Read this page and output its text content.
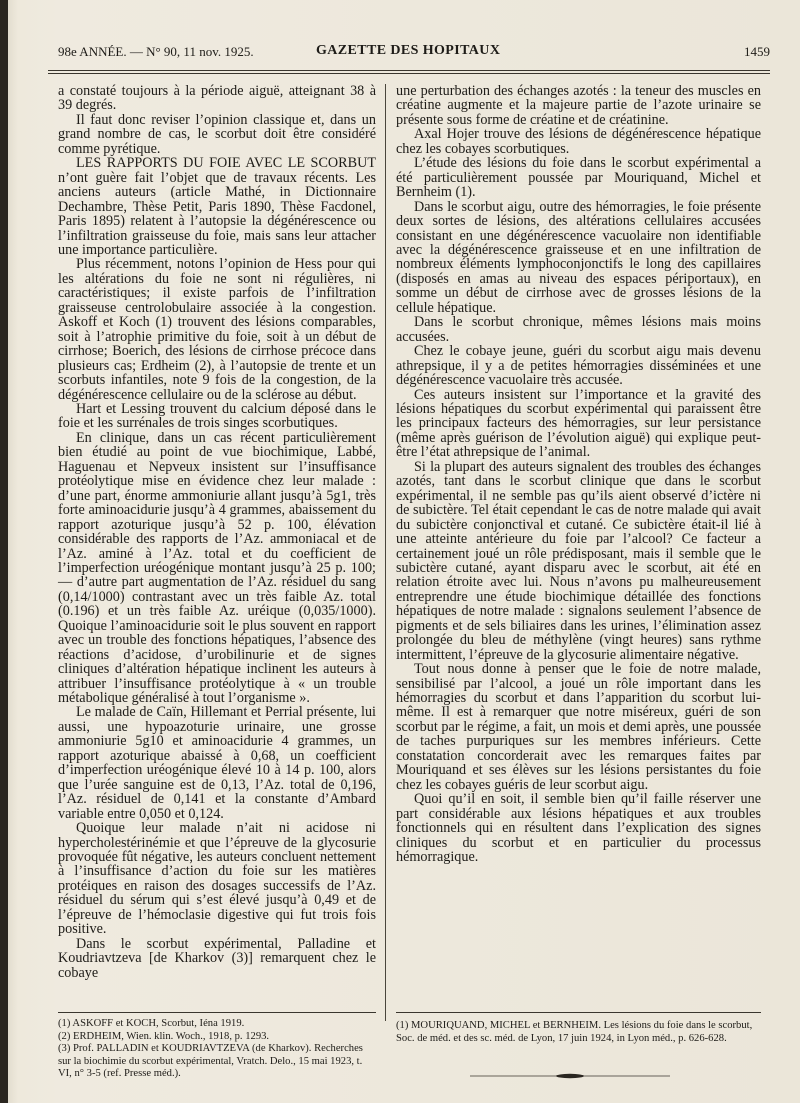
98e ANNÉE. — N° 90, 11 nov. 1925.	GAZETTE DES HOPITAUX	1459

a constaté toujours à la période aiguë, atteignant 38 à 39 degrés.

Il faut donc reviser l’opinion classique et, dans un grand nombre de cas, le scorbut doit être considéré comme pyrétique.

LES RAPPORTS DU FOIE AVEC LE SCORBUT n’ont guère fait l’objet que de travaux récents. Les anciens auteurs (article Mathé, in Dictionnaire Dechambre, Thèse Petit, Paris 1890, Thèse Facdonel, Paris 1895) relatent à l’autopsie la dégénérescence ou l’infiltration graisseuse du foie, mais sans leur attacher une importance particulière.

Plus récemment, notons l’opinion de Hess pour qui les altérations du foie ne sont ni régulières, ni caractéristiques; il existe parfois de l’infiltration graisseuse centrolobulaire associée à la congestion. Askoff et Koch (1) trouvent des lésions comparables, soit à l’atrophie primitive du foie, soit à un début de cirrhose; Boerich, des lésions de cirrhose précoce dans plusieurs cas; Erdheim (2), à l’autopsie de trente et un scorbuts infantiles, note 9 fois de la congestion, de la dégénérescence cellulaire ou de la sclérose au début.

Hart et Lessing trouvent du calcium déposé dans le foie et les surrénales de trois singes scorbutiques.

En clinique, dans un cas récent particulièrement bien étudié au point de vue biochimique, Labbé, Haguenau et Nepveux insistent sur l’insuffisance protéolytique mise en évidence chez leur malade : d’une part, énorme ammoniurie allant jusqu’à 5g1, très forte aminoacidurie jusqu’à 4 grammes, abaissement du rapport azoturique jusqu’à 52 p. 100, élévation considérable des rapports de l’Az. ammoniacal et de l’Az. aminé à l’Az. total et du coefficient de l’imperfection uréogénique montant jusqu’à 25 p. 100; — d’autre part augmentation de l’Az. résiduel du sang (0,14/1000) contrastant avec un très faible Az. total (0.196) et un très faible Az. uréique (0,035/1000). Quoique l’aminoacidurie soit le plus souvent en rapport avec un trouble des fonctions hépatiques, l’absence des réactions d’acidose, d’urobilinurie et de signes cliniques d’altération hépatique inclinent les auteurs à attribuer l’insuffisance protéolytique à « un trouble métabolique généralisé à tout l’organisme ».

Le malade de Caïn, Hillemant et Perrial présente, lui aussi, une hypoazoturie urinaire, une grosse ammoniurie 5g10 et aminoacidurie 4 grammes, un rapport azoturique abaissé à 0,68, un coefficient d’imperfection uréogénique élevé 10 à 14 p. 100, alors que l’urée sanguine est de 0,13, l’Az. total de 0,196, l’Az. résiduel de 0,141 et la constante d’Ambard variable entre 0,050 et 0,124.

Quoique leur malade n’ait ni acidose ni hypercholestérinémie et que l’épreuve de la glycosurie provoquée fût négative, les auteurs concluent nettement à l’insuffisance d’action du foie sur les matières protéiques en raison des dosages successifs de l’Az. résiduel du sérum qui s’est élevé jusqu’à 0,49 et de l’épreuve de l’hémoclasie digestive qui fut trois fois positive.

Dans le scorbut expérimental, Palladine et Koudriavtzeva [de Kharkov (3)] remarquent chez le cobaye

une perturbation des échanges azotés : la teneur des muscles en créatine augmente et la majeure partie de l’azote urinaire se présente sous forme de créatine et de créatinine.

Axal Hojer trouve des lésions de dégénérescence hépatique chez les cobayes scorbutiques.

L’étude des lésions du foie dans le scorbut expérimental a été particulièrement poussée par Mouriquand, Michel et Bernheim (1).

Dans le scorbut aigu, outre des hémorragies, le foie présente deux sortes de lésions, des altérations cellulaires accusées consistant en une dégénérescence vacuolaire non identifiable avec la dégénérescence graisseuse et en une infiltration de nombreux éléments lymphoconjonctifs le long des capillaires (disposés en amas au niveau des espaces périportaux), en somme un début de cirrhose avec de grosses lésions de la cellule hépatique.

Dans le scorbut chronique, mêmes lésions mais moins accusées.

Chez le cobaye jeune, guéri du scorbut aigu mais devenu athrepsique, il y a de petites hémorragies disséminées et une dégénérescence vacuolaire très accusée.

Ces auteurs insistent sur l’importance et la gravité des lésions hépatiques du scorbut expérimental qui paraissent être les principaux facteurs des hémorragies, sur leur persistance (même après guérison de l’évolution aiguë) qui explique peut-être l’état athrepsique de l’animal.

Si la plupart des auteurs signalent des troubles des échanges azotés, tant dans le scorbut clinique que dans le scorbut expérimental, il ne semble pas qu’ils aient observé d’ictère ni de subictère. Tel était cependant le cas de notre malade qui avait du subictère conjonctival et cutané. Ce subictère était-il lié à une atteinte antérieure du foie par l’alcool? Ce facteur a certainement joué un rôle prédisposant, mais il semble que le subictère cutané, ayant disparu avec le scorbut, ait été en relation étroite avec lui. Nous n’avons pu malheureusement entreprendre une étude biochimique détaillée des fonctions hépatiques de notre malade : signalons seulement l’absence de pigments et de sels biliaires dans les urines, l’élimination assez prolongée du bleu de méthylène (vingt heures) sans rythme intermittent, l’épreuve de la glycosurie alimentaire négative.

Tout nous donne à penser que le foie de notre malade, sensibilisé par l’alcool, a joué un rôle important dans les hémorragies du scorbut et dans l’apparition du scorbut lui-même. Il est à remarquer que notre miséreux, guéri de son scorbut par le régime, a fait, un mois et demi après, une poussée de taches purpuriques sur les membres inférieurs. Cette constatation concorderait avec les remarques faites par Mouriquand et ses élèves sur les lésions persistantes du foie chez les cobayes guéris de leur scorbut aigu.

Quoi qu’il en soit, il semble bien qu’il faille réserver une part considérable aux lésions hépatiques et aux troubles fonctionnels qui en résultent dans l’explication des signes cliniques du scorbut et en particulier du processus hémorragique.

(1) ASKOFF et KOCH, Scorbut, Iéna 1919.
(2) ERDHEIM, Wien. klin. Woch., 1918, p. 1293.
(3) Prof. PALLADIN et KOUDRIAVTZEVA (de Kharkov). Recherches sur la biochimie du scorbut expérimental, Vratch. Delo., 15 mai 1923, t. VI, n° 3-5 (ref. Presse méd.).
(1) MOURIQUAND, MICHEL et BERNHEIM. Les lésions du foie dans le scorbut, Soc. de méd. et des sc. méd. de Lyon, 17 juin 1924, in Lyon méd., p. 626-628.
